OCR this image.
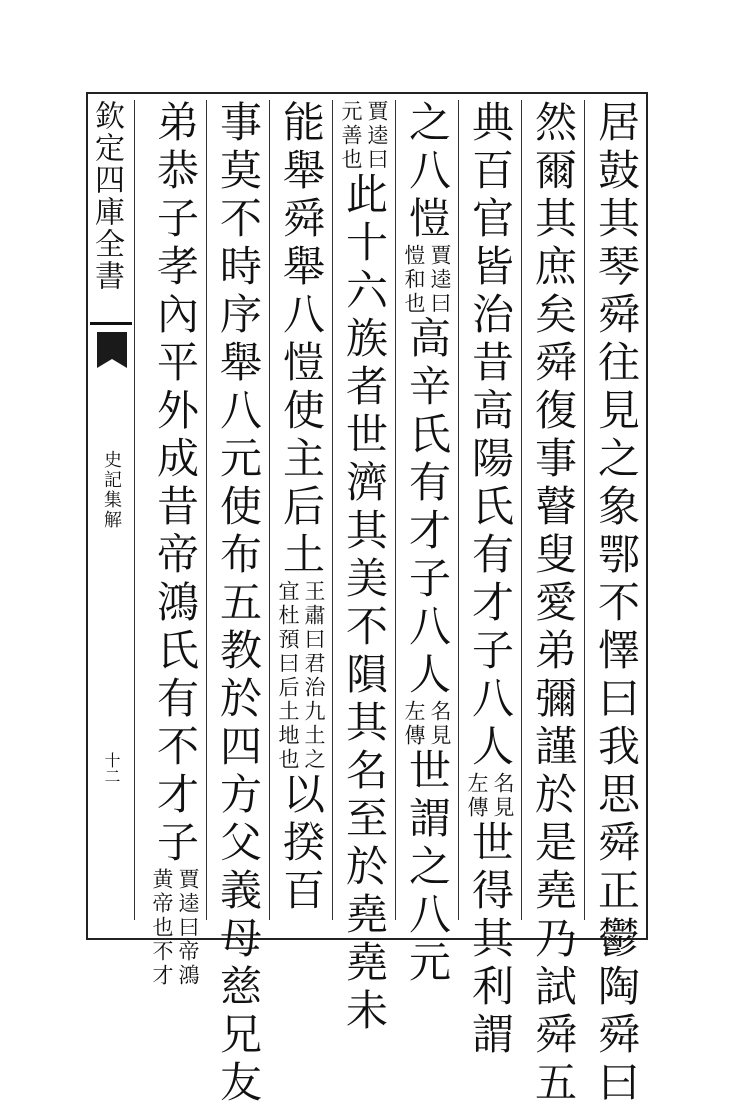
欽定四庫全書
史記集解
十二	居鼓其琴舜往見之象鄂不懌曰我思舜正鬱陶舜曰
然爾其庶矣舜復事瞽叟愛弟彌謹於是堯乃試舜五
典百官皆治昔高陽氏有才子八人
名見
左傳
世得其利謂
之八愷
賈逵曰
愷和也
高辛氏有才子八人
名見
左傳
世謂之八元
賈逵曰
元善也
此十六族者世濟其美不隕其名至於堯堯未
能舉舜舉八愷使主后土
王肅曰君治九土之
宜杜預曰后土地也
以揆百
事莫不時序舉八元使布五教於四方父義母慈兄友
弟恭子孝內平外成昔帝鴻氏有不才子
賈逵曰帝鴻
黄帝也不才
